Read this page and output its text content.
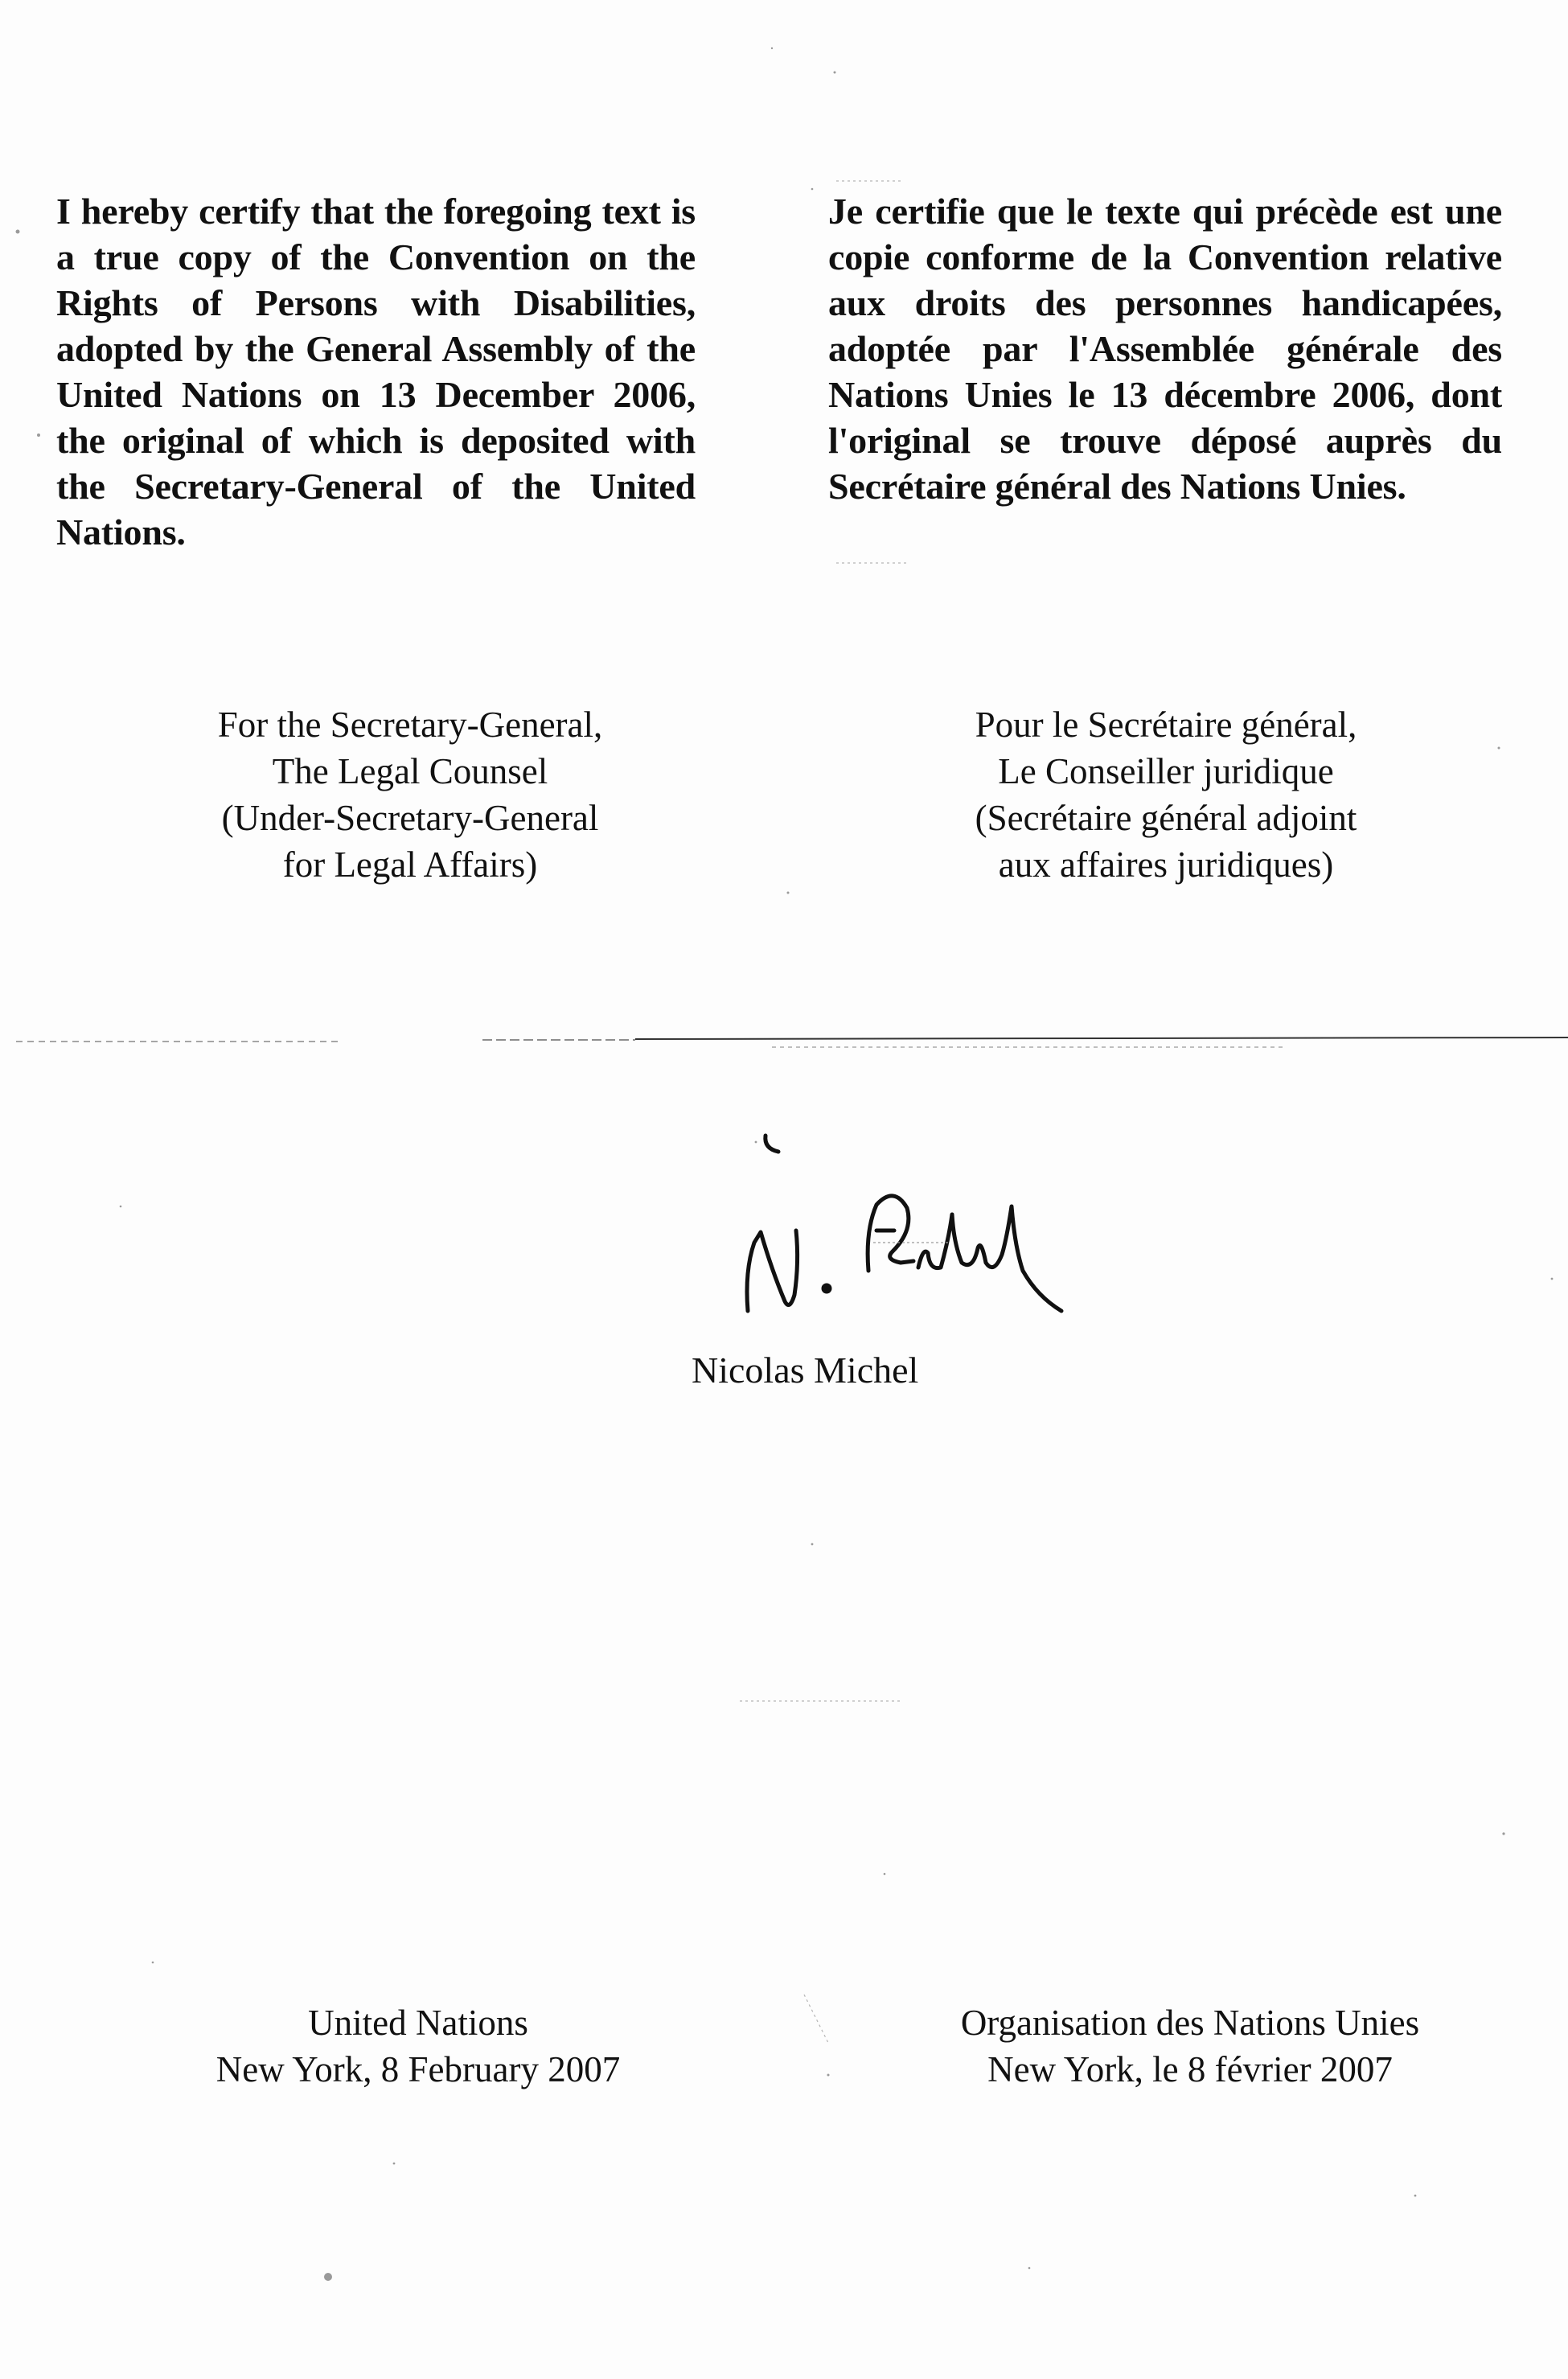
I hereby certify that the foregoing text is a true copy of the Convention on the Rights of Persons with Disabilities, adopted by the General Assembly of the United Nations on 13 December 2006, the original of which is deposited with the Secretary-General of the United Nations.

Je certifie que le texte qui précède est une copie conforme de la Convention relative aux droits des personnes handicapées, adoptée par l'Assemblée générale des Nations Unies le 13 décembre 2006, dont l'original se trouve déposé auprès du Secrétaire général des Nations Unies.

For the Secretary-General,
The Legal Counsel
(Under-Secretary-General
for Legal Affairs)
Pour le Secrétaire général,
Le Conseiller juridique
(Secrétaire général adjoint
aux affaires juridiques)
Nicolas Michel
United Nations
New York, 8 February 2007
Organisation des Nations Unies
New York, le 8 février 2007
